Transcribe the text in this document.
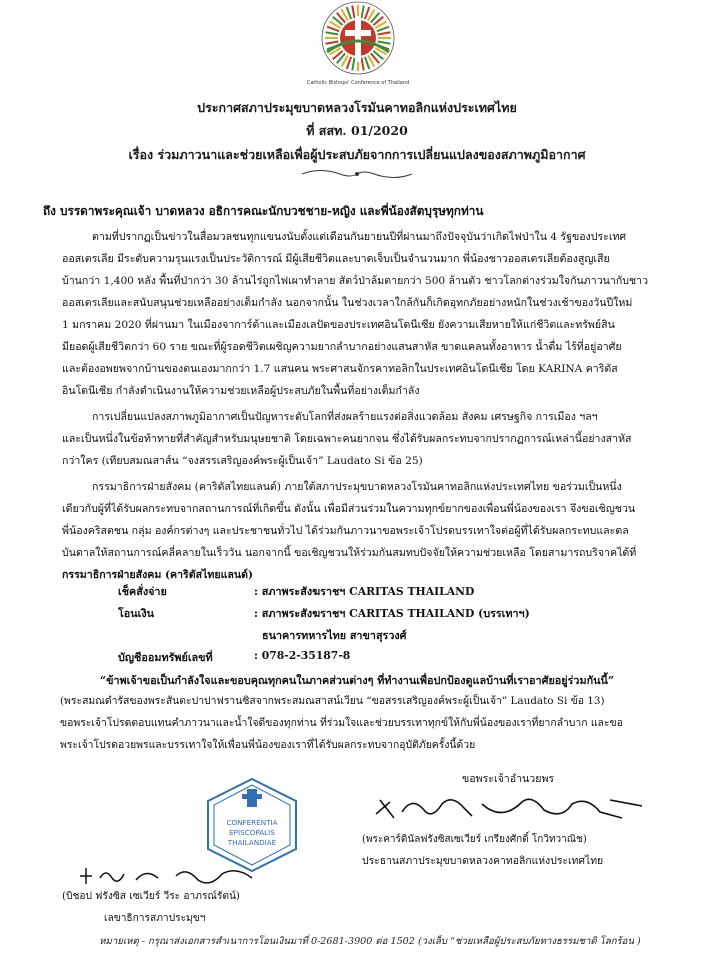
Catholic Bishops' Conference of Thailand
ประกาศสภาประมุขบาดหลวงโรมันคาทอลิกแห่งประเทศไทย
ที่ สสท. 01/2020
เรื่อง ร่วมภาวนาและช่วยเหลือเพื่อผู้ประสบภัยจากการเปลี่ยนแปลงของสภาพภูมิอากาศ
ถึง บรรดาพระคุณเจ้า บาดหลวง อธิการคณะนักบวชชาย-หญิง และพี่น้องสัตบุรุษทุกท่าน
ตามที่ปรากฏเป็นข่าวในสื่อมวลชนทุกแขนงนับตั้งแต่เดือนกันยายนปีที่ผ่านมาถึงปัจจุบันว่าเกิดไฟป่าใน 4 รัฐของประเทศ
ออสเตรเลีย มีระดับความรุนแรงเป็นประวัติการณ์ มีผู้เสียชีวิตและบาดเจ็บเป็นจำนวนมาก พี่น้องชาวออสเตรเลียต้องสูญเสีย
บ้านกว่า 1,400 หลัง พื้นที่ป่ากว่า 30 ล้านไร่ถูกไฟเผาทำลาย สัตว์ป่าล้มตายกว่า 500 ล้านตัว ชาวโลกต่างร่วมใจกันภาวนากับชาว
ออสเตรเลียและสนับสนุนช่วยเหลืออย่างเต็มกำลัง นอกจากนั้น ในช่วงเวลาใกล้กันก็เกิดอุทกภัยอย่างหนักในช่วงเช้าของวันปีใหม่
1 มกราคม 2020 ที่ผ่านมา ในเมืองจาการ์ต้าและเมืองเลปัดของประเทศอินโดนีเซีย ยังความเสียหายให้แก่ชีวิตและทรัพย์สิน
มียอดผู้เสียชีวิตกว่า 60 ราย ขณะที่ผู้รอดชีวิตเผชิญความยากลำบากอย่างแสนสาหัส ขาดแคลนทั้งอาหาร น้ำดื่ม ไร้ที่อยู่อาศัย
และต้องอพยพจากบ้านของตนเองมากกว่า 1.7 แสนคน พระศาสนจักรคาทอลิกในประเทศอินโดนีเซีย โดย KARINA คาริตัส
อินโดนีเซีย กำลังดำเนินงานให้ความช่วยเหลือผู้ประสบภัยในพื้นที่อย่างเต็มกำลัง
การเปลี่ยนแปลงสภาพภูมิอากาศเป็นปัญหาระดับโลกที่ส่งผลร้ายแรงต่อสิ่งแวดล้อม สังคม เศรษฐกิจ การเมือง ฯลฯ
และเป็นหนึ่งในข้อท้าทายที่สำคัญสำหรับมนุษยชาติ โดยเฉพาะคนยากจน ซึ่งได้รับผลกระทบจากปรากฏการณ์เหล่านี้อย่างสาหัส
กว่าใคร (เทียบสมณสาส์น “จงสรรเสริญองค์พระผู้เป็นเจ้า” Laudato Si ข้อ 25)
กรรมาธิการฝ่ายสังคม (คาริตัสไทยแลนด์) ภายใต้สภาประมุขบาดหลวงโรมันคาทอลิกแห่งประเทศไทย ขอร่วมเป็นหนึ่ง
เดียวกับผู้ที่ได้รับผลกระทบจากสถานการณ์ที่เกิดขึ้น ดังนั้น เพื่อมีส่วนร่วมในความทุกข์ยากของเพื่อนพี่น้องของเรา จึงขอเชิญชวน
พี่น้องคริสตชน กลุ่ม องค์กรต่างๆ และประชาชนทั่วไป ได้ร่วมกันภาวนาขอพระเจ้าโปรดบรรเทาใจต่อผู้ที่ได้รับผลกระทบและดล
บันดาลให้สถานการณ์คลี่คลายในเร็ววัน นอกจากนี้ ขอเชิญชวนให้ร่วมกันสมทบปัจจัยให้ความช่วยเหลือ โดยสามารถบริจาคได้ที่
กรรมาธิการฝ่ายสังคม (คาริตัสไทยแลนด์)
เช็คสั่งจ่าย	: สภาพระสังฆราชฯ CARITAS THAILAND
โอนเงิน	: สภาพระสังฆราชฯ CARITAS THAILAND (บรรเทาฯ)
ธนาคารทหารไทย สาขาสุรวงศ์
บัญชีออมทรัพย์เลขที่	: 078-2-35187-8
“ข้าพเจ้าขอเป็นกำลังใจและขอบคุณทุกคนในภาคส่วนต่างๆ ที่ทำงานเพื่อปกป้องดูแลบ้านที่เราอาศัยอยู่ร่วมกันนี้”
(พระสมณดำรัสของพระสันตะปาปาฟรานซิสจากพระสมณสาสน์เวียน “ขอสรรเสริญองค์พระผู้เป็นเจ้า” Laudato Si ข้อ 13)
ขอพระเจ้าโปรดตอบแทนคำภาวนาและน้ำใจดีของทุกท่าน ที่ร่วมใจและช่วยบรรเทาทุกข์ให้กับพี่น้องของเราที่ยากลำบาก และขอ
พระเจ้าโปรดอวยพรและบรรเทาใจให้เพื่อนพี่น้องของเราที่ได้รับผลกระทบจากอุบัติภัยครั้งนี้ด้วย
ขอพระเจ้าอำนวยพร
CONFERENTIA
EPISCOPALIS
THAILANDIAE	(พระคาร์ดินัลฟรังซิสเซเวียร์ เกรียงศักดิ์ โกวิทวาณิช)
ประธานสภาประมุขบาดหลวงคาทอลิกแห่งประเทศไทย
(บิชอป ฟรังซิส เซเวียร์ วีระ อาภรณ์รัตน์)
เลขาธิการสภาประมุขฯ
หมายเหตุ - กรุณาส่งเอกสารสำเนาการโอนเงินมาที่ 0-2681-3900 ต่อ 1502 (วงเล็บ “ช่วยเหลือผู้ประสบภัยทางธรรมชาติ โลกร้อน )
